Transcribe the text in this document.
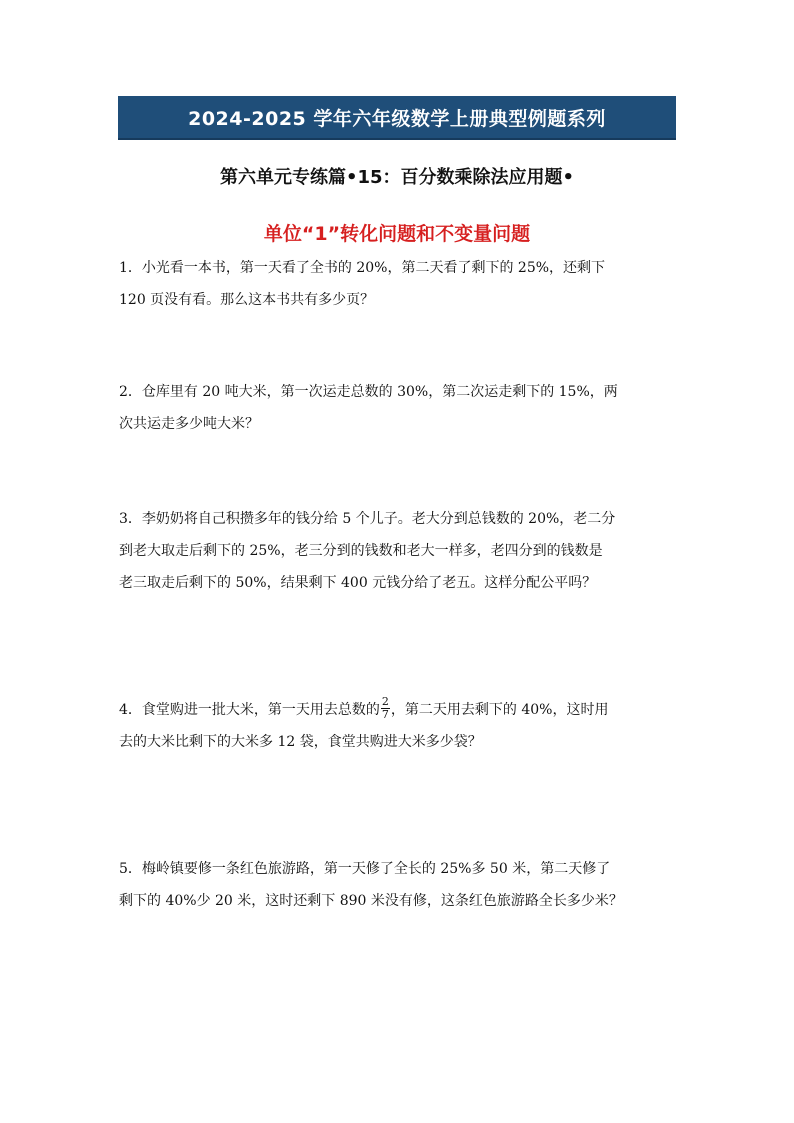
2024-2025 学年六年级数学上册典型例题系列
第六单元专练篇•15：百分数乘除法应用题•
单位“1”转化问题和不变量问题

1．小光看一本书，第一天看了全书的 20%，第二天看了剩下的 25%，还剩下

120 页没有看。那么这本书共有多少页？

2．仓库里有 20 吨大米，第一次运走总数的 30%，第二次运走剩下的 15%，两

次共运走多少吨大米？

3．李奶奶将自己积攒多年的钱分给 5 个儿子。老大分到总钱数的 20%，老二分

到老大取走后剩下的 25%，老三分到的钱数和老大一样多，老四分到的钱数是

老三取走后剩下的 50%，结果剩下 400 元钱分给了老五。这样分配公平吗？

4．食堂购进一批大米，第一天用去总数的 $\frac{2}{7}$ ，第二天用去剩下的 40%，这时用

去的大米比剩下的大米多 12 袋，食堂共购进大米多少袋？

5．梅岭镇要修一条红色旅游路，第一天修了全长的 25%多 50 米，第二天修了

剩下的 40%少 20 米，这时还剩下 890 米没有修，这条红色旅游路全长多少米？
